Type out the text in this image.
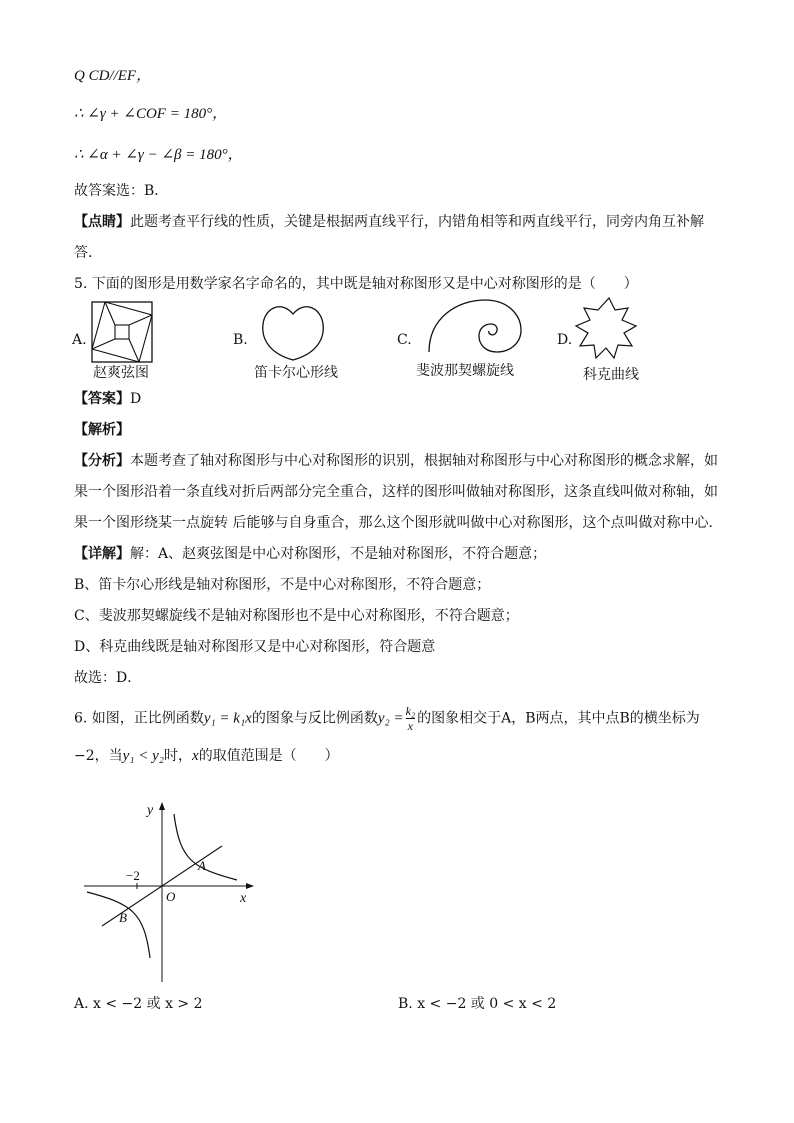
Q CD//EF，
∴ ∠γ + ∠COF = 180°，
∴ ∠α + ∠γ − ∠β = 180°，
故答案选：B．
【点睛】此题考查平行线的性质，关键是根据两直线平行，内错角相等和两直线平行，同旁内角互补解
答．
5. 下面的图形是用数学家名字命名的，其中既是轴对称图形又是中心对称图形的是（　　）
A.
赵爽弦图
B.
笛卡尔心形线
C.
斐波那契螺旋线
D.
科克曲线
【答案】D
【解析】
【分析】本题考查了轴对称图形与中心对称图形的识别，根据轴对称图形与中心对称图形的概念求解，如
果一个图形沿着一条直线对折后两部分完全重合，这样的图形叫做轴对称图形，这条直线叫做对称轴，如
果一个图形绕某一点旋转 后能够与自身重合，那么这个图形就叫做中心对称图形，这个点叫做对称中心．
【详解】解：A、赵爽弦图是中心对称图形，不是轴对称图形，不符合题意；
B、笛卡尔心形线是轴对称图形，不是中心对称图形，不符合题意；
C、斐波那契螺旋线不是轴对称图形也不是中心对称图形，不符合题意；
D、科克曲线既是轴对称图形又是中心对称图形，符合题意
故选：D．
6. 如图，正比例函数y₁ = k₁x的图象与反比例函数$y_2 = \frac{\text{k₂}}{x}$ 的图象相交于A，B两点，其中点B的横坐标为
−2，当y₁ < y₂时，x的取值范围是（　　）
y
x
O
−2
A
B
A. x < −2 或 x > 2	B. x < −2 或 0 < x < 2
